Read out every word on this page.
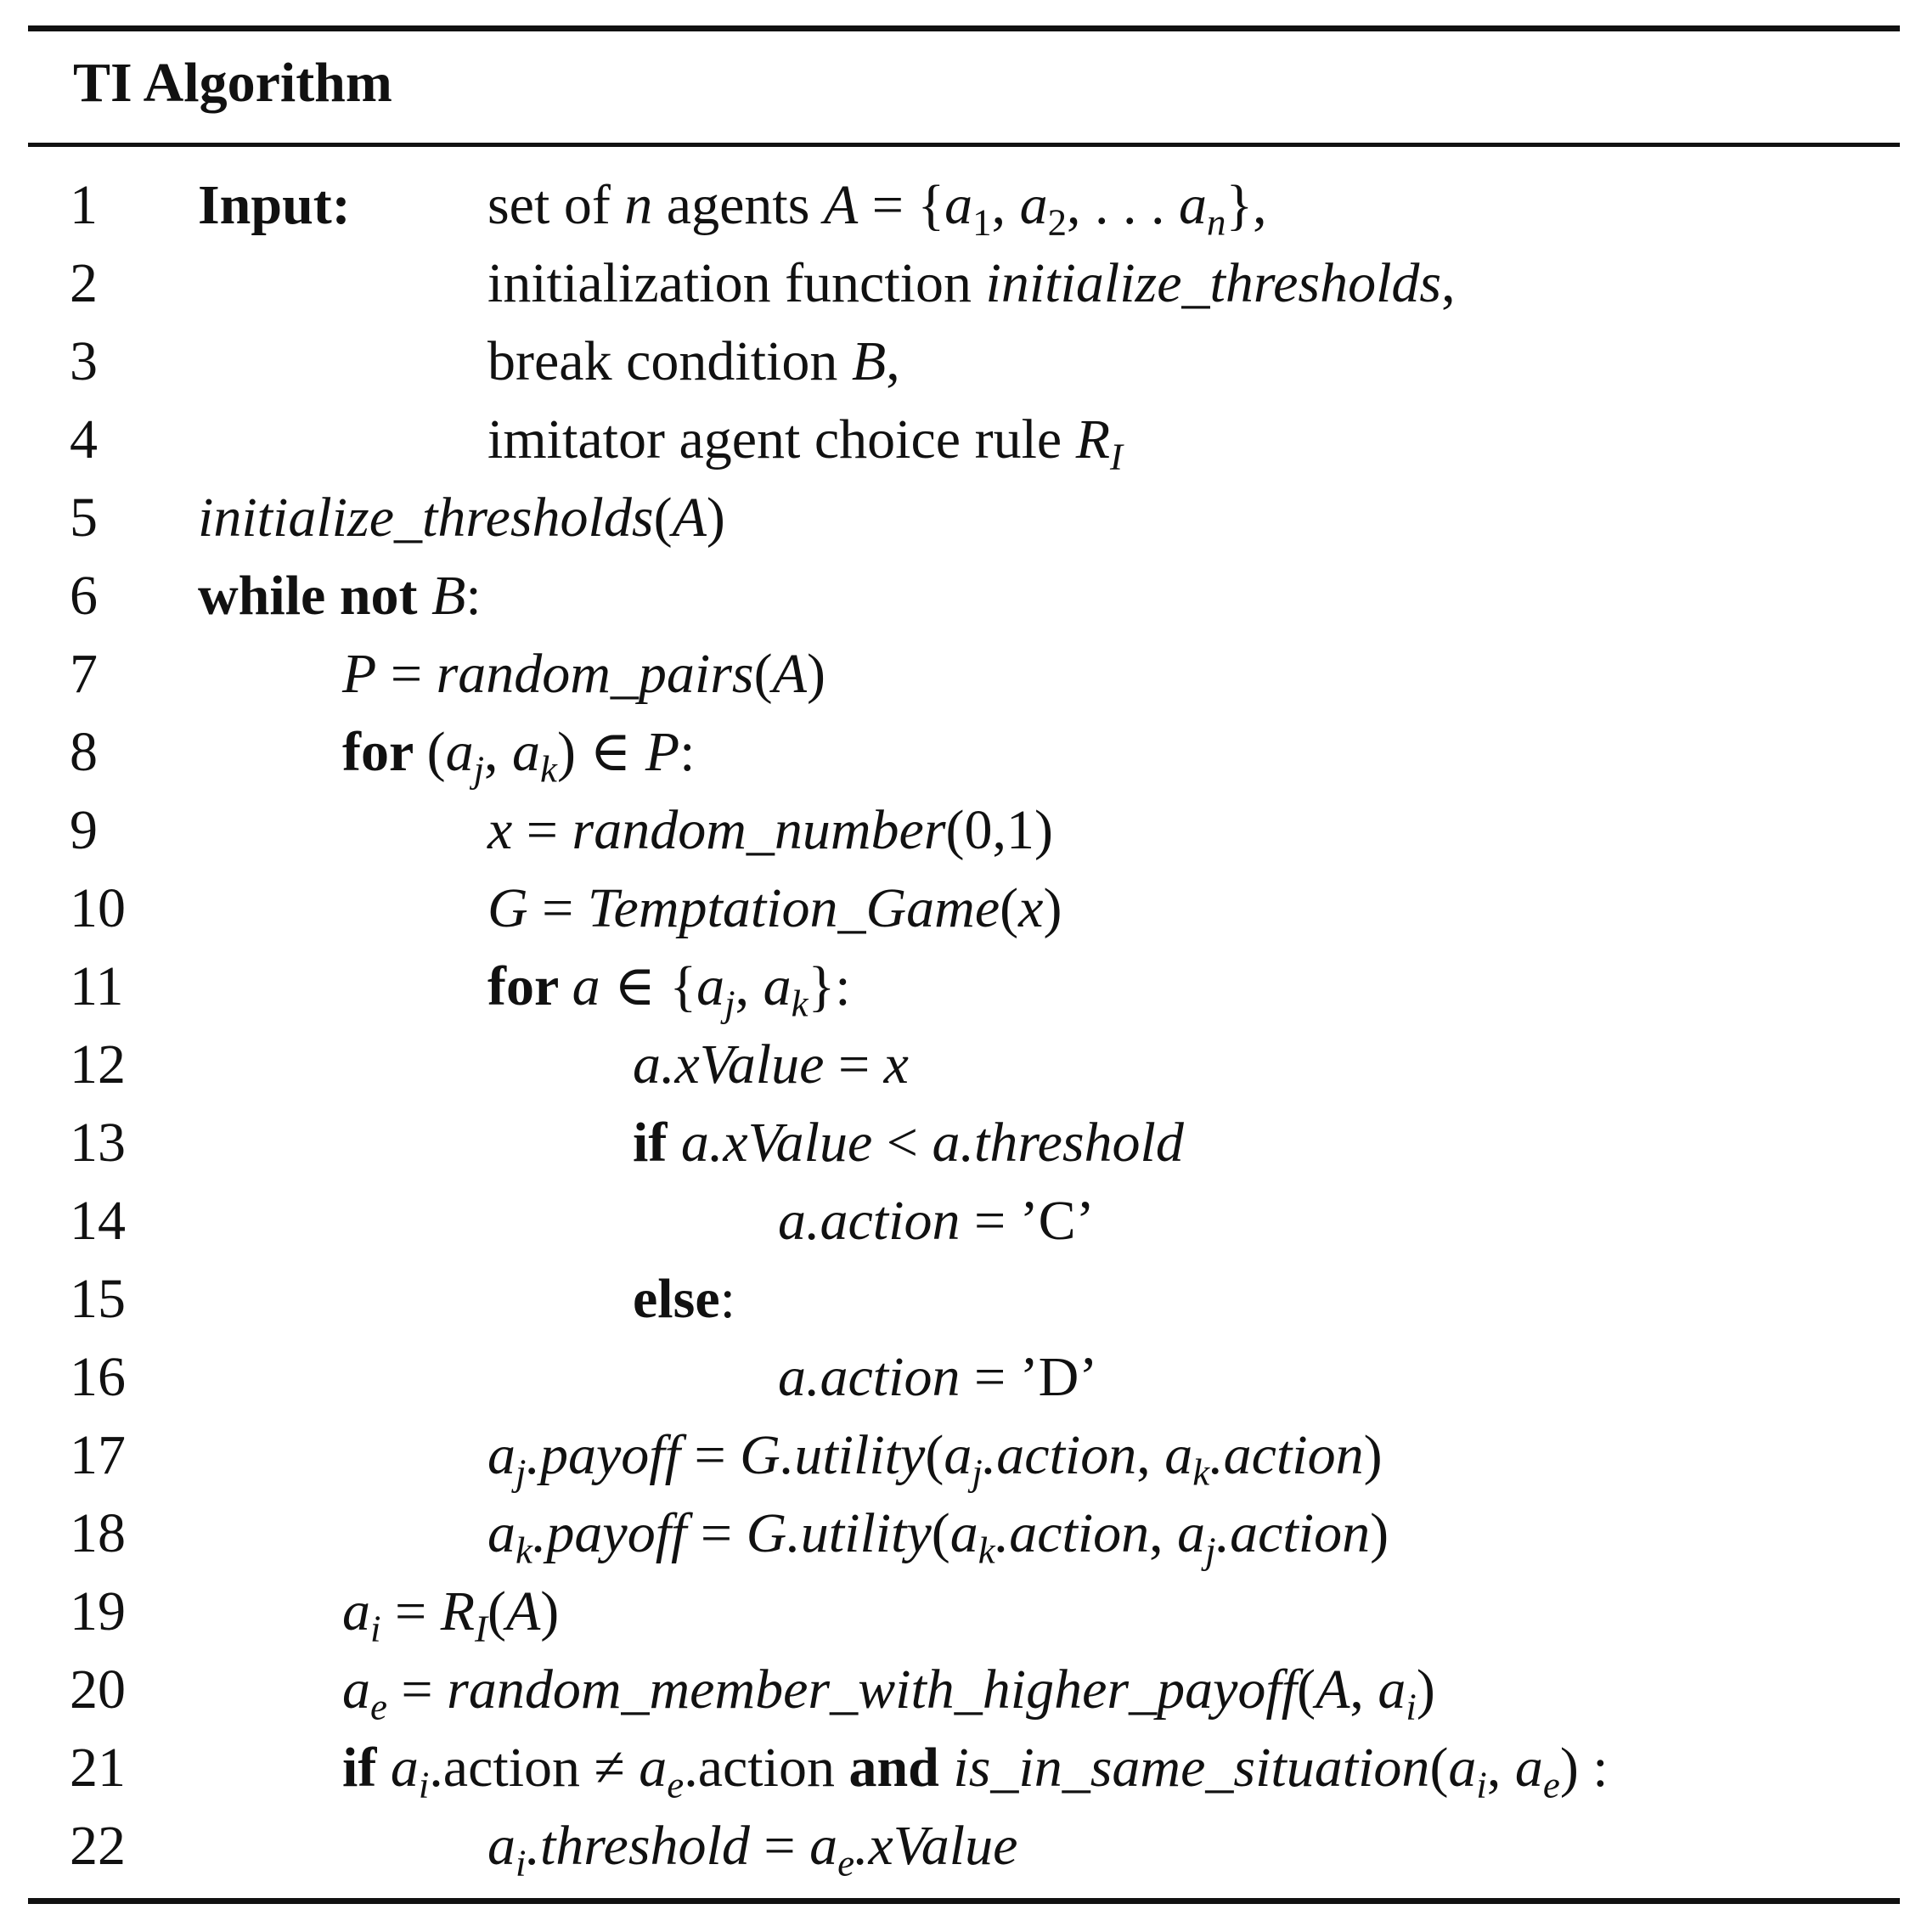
TI Algorithm
1 Input: set of n agents $A = \{a_1$, $a_2$, . . . $a_n$},
2	initialization function initialize_thresholds,
3	break condition B,
4	imitator agent choice rule $R_I$
5 initialize_thresholds(A)
6 while not B:
7	P = random_pairs(A)
8	for ($a_j$, $a_k$) ∈ P:
9	x = random_number(0,1)
10	G = Temptation_Game(x)
11	for a ∈ {$a_j$, $a_k$}:
12	a.xValue = x
13	if a.xValue < a.threshold
14	a.action = ’C’
15	else:
16	a.action = ’D’
17	$a_j.payoff$ = $G.utility(a_j.action$, $a_k.action$)
18	$a_k.payoff$ = $G.utility(a_k.action$, $a_j.action$)
19	$a_i = R_I(A)$
20	$a_e$ = random_member_with_higher_payoff(A, $a_i$)
21	if $a_i.action$ ≠ $a_e.action$ and $is\_in\_same\_situation(a_i$, $a_e$) :
22	$a_i.threshold$ = $a_e.xValue$
